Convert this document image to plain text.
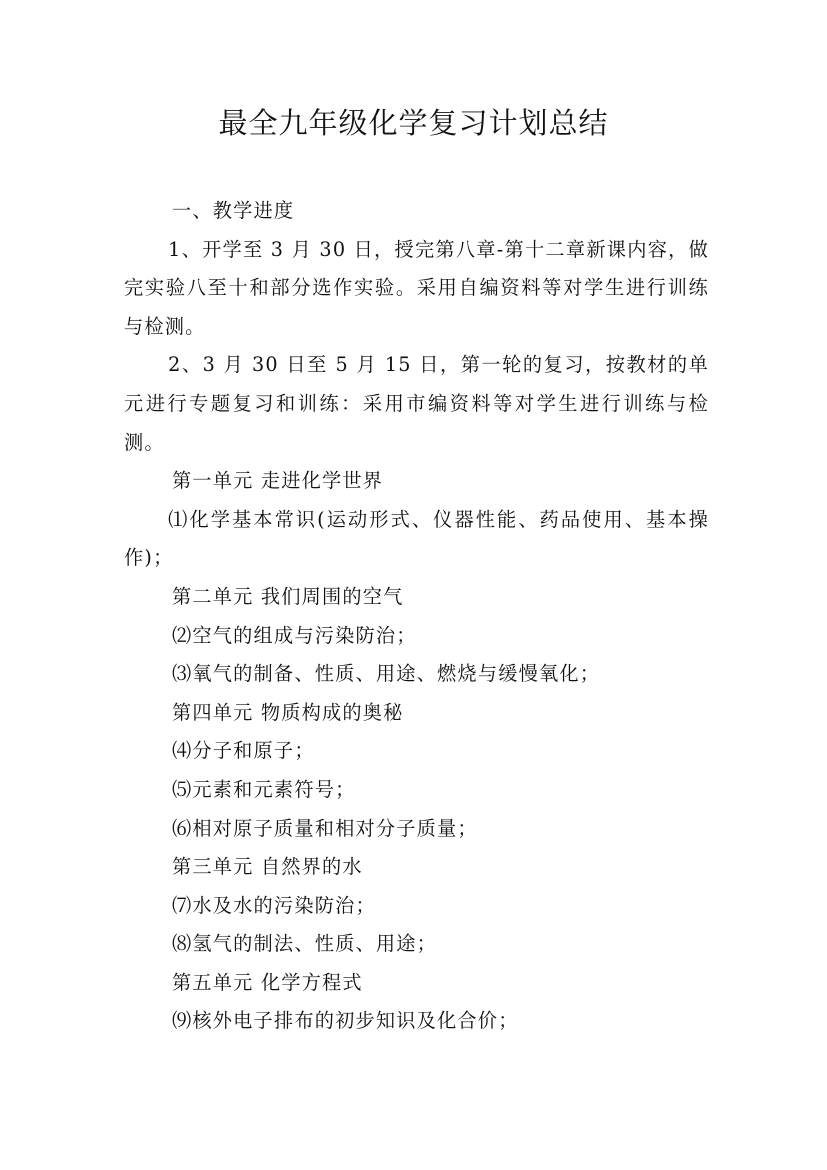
最全九年级化学复习计划总结
一、教学进度

1、开学至 3 月 30 日，授完第八章-第十二章新课内容，做完实验八至十和部分选作实验。采用自编资料等对学生进行训练与检测。

2、3 月 30 日至 5 月 15 日，第一轮的复习，按教材的单元进行专题复习和训练：采用市编资料等对学生进行训练与检测。

第一单元 走进化学世界

⑴化学基本常识(运动形式、仪器性能、药品使用、基本操作)；

第二单元 我们周围的空气
⑵空气的组成与污染防治；
⑶氧气的制备、性质、用途、燃烧与缓慢氧化；
第四单元 物质构成的奥秘
⑷分子和原子；
⑸元素和元素符号；
⑹相对原子质量和相对分子质量；
第三单元 自然界的水
⑺水及水的污染防治；
⑻氢气的制法、性质、用途；
第五单元 化学方程式
⑼核外电子排布的初步知识及化合价；
